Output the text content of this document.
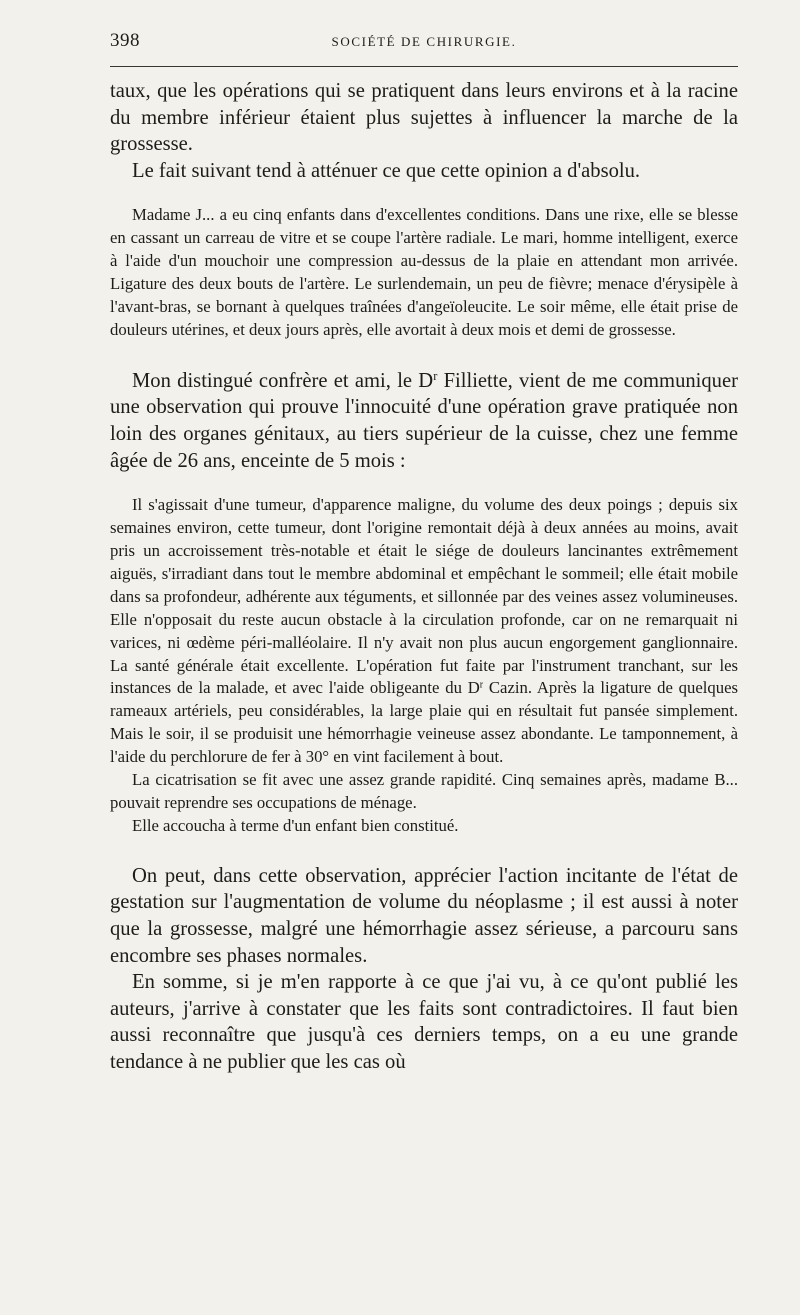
398	SOCIÉTÉ DE CHIRURGIE.

taux, que les opérations qui se pratiquent dans leurs environs et à la racine du membre inférieur étaient plus sujettes à influencer la marche de la grossesse.

Le fait suivant tend à atténuer ce que cette opinion a d'absolu.

Madame J... a eu cinq enfants dans d'excellentes conditions. Dans une rixe, elle se blesse en cassant un carreau de vitre et se coupe l'artère radiale. Le mari, homme intelligent, exerce à l'aide d'un mouchoir une compression au-dessus de la plaie en attendant mon arrivée. Ligature des deux bouts de l'artère. Le surlendemain, un peu de fièvre; menace d'érysipèle à l'avant-bras, se bornant à quelques traînées d'angeïoleucite. Le soir même, elle était prise de douleurs utérines, et deux jours après, elle avortait à deux mois et demi de grossesse.

Mon distingué confrère et ami, le $D^r$ Filliette, vient de me communiquer une observation qui prouve l'innocuité d'une opération grave pratiquée non loin des organes génitaux, au tiers supérieur de la cuisse, chez une femme âgée de 26 ans, enceinte de 5 mois :

Il s'agissait d'une tumeur, d'apparence maligne, du volume des deux poings ; depuis six semaines environ, cette tumeur, dont l'origine remontait déjà à deux années au moins, avait pris un accroissement très-notable et était le siége de douleurs lancinantes extrêmement aiguës, s'irradiant dans tout le membre abdominal et empêchant le sommeil; elle était mobile dans sa profondeur, adhérente aux téguments, et sillonnée par des veines assez volumineuses. Elle n'opposait du reste aucun obstacle à la circulation profonde, car on ne remarquait ni varices, ni œdème péri-malléolaire. Il n'y avait non plus aucun engorgement ganglionnaire. La santé générale était excellente. L'opération fut faite par l'instrument tranchant, sur les instances de la malade, et avec l'aide obligeante du $D^r$ Cazin. Après la ligature de quelques rameaux artériels, peu considérables, la large plaie qui en résultait fut pansée simplement. Mais le soir, il se produisit une hémorrhagie veineuse assez abondante. Le tamponnement, à l'aide du perchlorure de fer à 30° en vint facilement à bout.

La cicatrisation se fit avec une assez grande rapidité. Cinq semaines après, madame B... pouvait reprendre ses occupations de ménage.

Elle accoucha à terme d'un enfant bien constitué.

On peut, dans cette observation, apprécier l'action incitante de l'état de gestation sur l'augmentation de volume du néoplasme ; il est aussi à noter que la grossesse, malgré une hémorrhagie assez sérieuse, a parcouru sans encombre ses phases normales.

En somme, si je m'en rapporte à ce que j'ai vu, à ce qu'ont publié les auteurs, j'arrive à constater que les faits sont contradictoires. Il faut bien aussi reconnaître que jusqu'à ces derniers temps, on a eu une grande tendance à ne publier que les cas où
